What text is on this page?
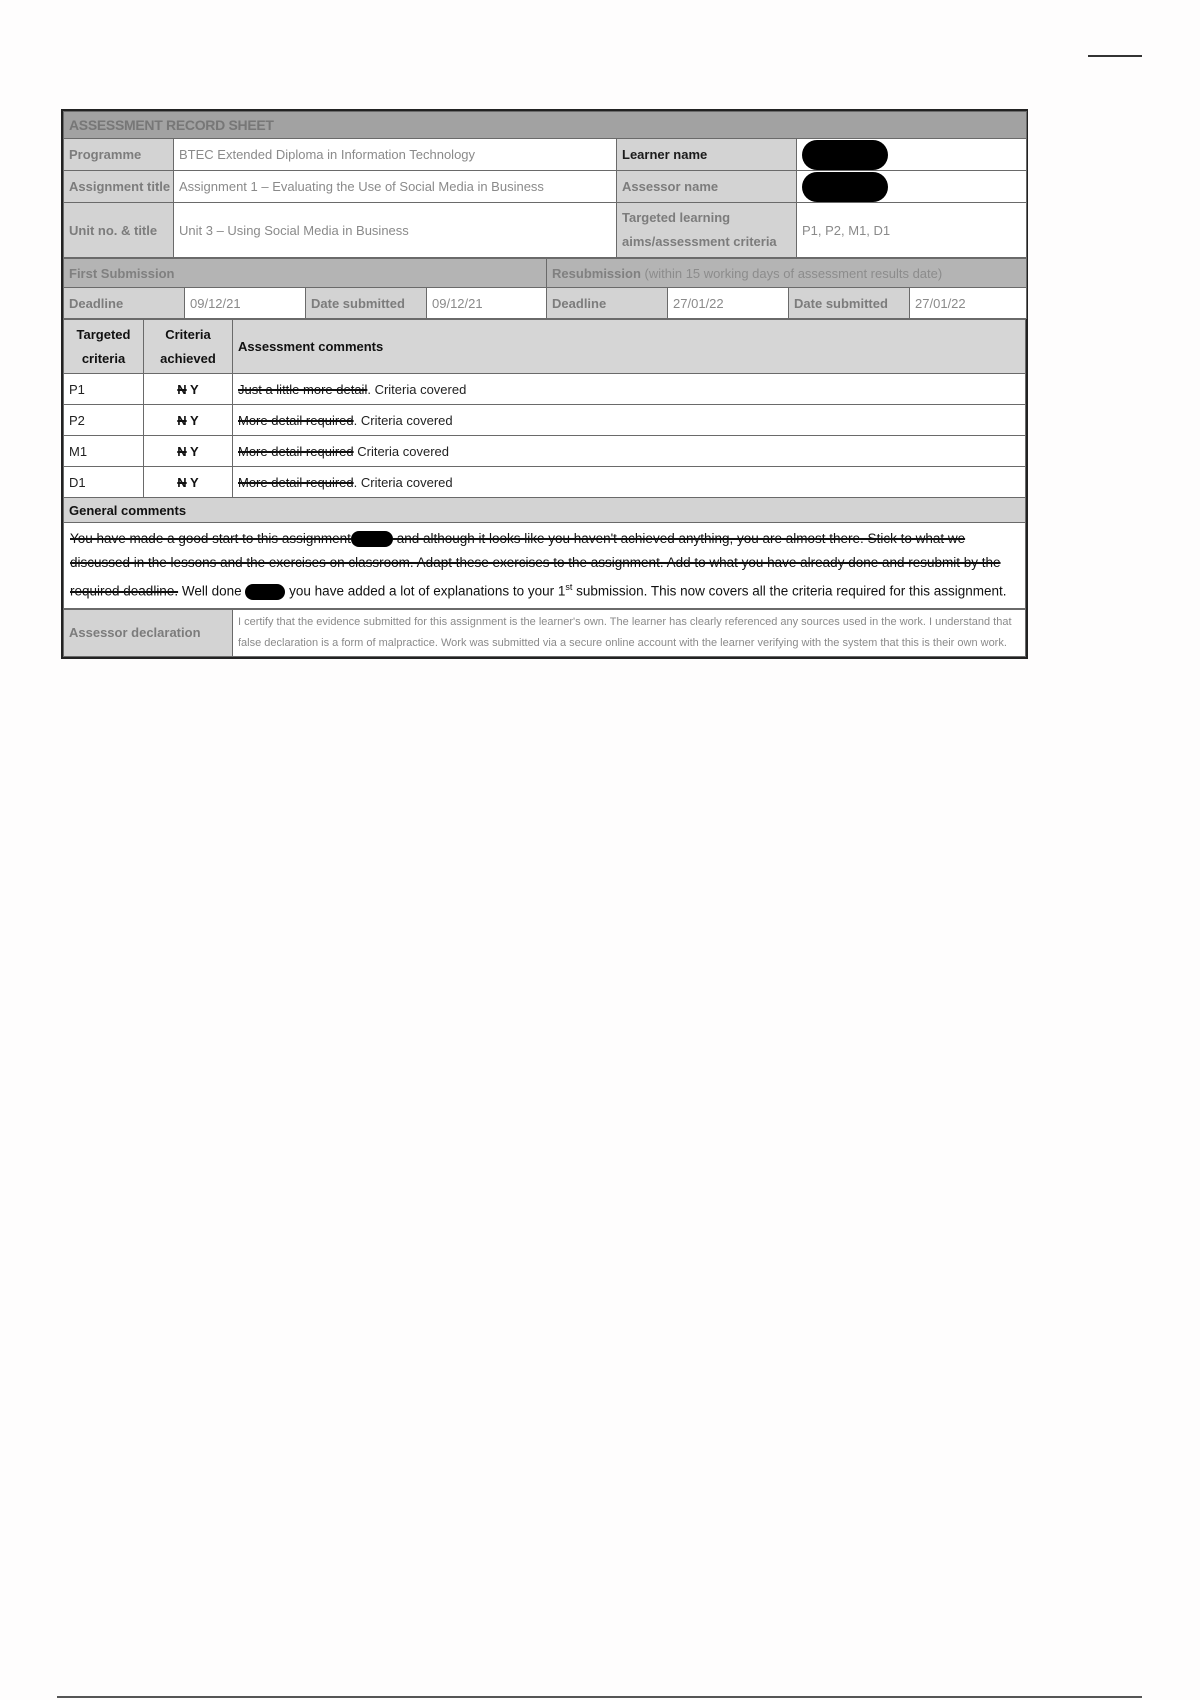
ASSESSMENT RECORD SHEET			
Programme	BTEC Extended Diploma in Information Technology	Learner name	
Assignment title	Assignment 1 – Evaluating the Use of Social Media in Business	Assessor name	
Unit no. & title	Unit 3 – Using Social Media in Business	Targeted learning aims/assessment criteria	P1, P2, M1, D1
First Submission				Resubmission (within 15 working days of assessment results date)			
Deadline	09/12/21	Date submitted	09/12/21	Deadline	27/01/22	Date submitted	27/01/22
Targeted criteria	Criteria achieved	Assessment comments
P1	N Y	Just a little more detail. Criteria covered
P2	N Y	More detail required. Criteria covered
M1	N Y	More detail required Criteria covered
D1	N Y	More detail required. Criteria covered
General comments		
You have made a good start to this assignment and although it looks like you haven't achieved anything, you are almost there. Stick to what we discussed in the lessons and the exercises on classroom. Adapt these exercises to the assignment. Add to what you have already done and resubmit by the required deadline. Well done you have added a lot of explanations to your 1st submission. This now covers all the criteria required for this assignment.		
Assessor declaration	I certify that the evidence submitted for this assignment is the learner's own. The learner has clearly referenced any sources used in the work. I understand that false declaration is a form of malpractice. Work was submitted via a secure online account with the learner verifying with the system that this is their own work.
